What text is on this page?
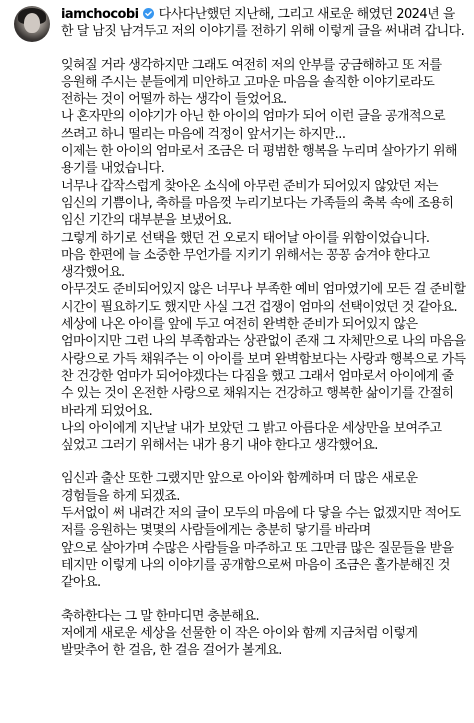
iamchocobi 다사다난했던 지난해, 그리고 새로운 해였던 2024년 을 한 달 남짓 남겨두고 저의 이야기를 전하기 위해 이렇게 글을 써내려 갑니다.

잊혀질 거라 생각하지만 그래도 여전히 저의 안부를 궁금해하고 또 저를 응원해 주시는 분들에게 미안하고 고마운 마음을 솔직한 이야기로라도 전하는 것이 어떨까 하는 생각이 들었어요.

나 혼자만의 이야기가 아닌 한 아이의 엄마가 되어 이런 글을 공개적으로 쓰려고 하니 떨리는 마음에 걱정이 앞서기는 하지만...

이제는 한 아이의 엄마로서 조금은 더 평범한 행복을 누리며 살아가기 위해 용기를 내었습니다.

너무나 갑작스럽게 찾아온 소식에 아무런 준비가 되어있지 않았던 저는 임신의 기쁨이나, 축하를 마음껏 누리기보다는 가족들의 축복 속에 조용히 임신 기간의 대부분을 보냈어요.

그렇게 하기로 선택을 했던 건 오로지 태어날 아이를 위함이었습니다.

마음 한편에 늘 소중한 무언가를 지키기 위해서는 꽁꽁 숨겨야 한다고 생각했어요.

아무것도 준비되어있지 않은 너무나 부족한 예비 엄마였기에 모든 걸 준비할 시간이 필요하기도 했지만 사실 그건 겁쟁이 엄마의 선택이었던 것 같아요.

세상에 나온 아이를 앞에 두고 여전히 완벽한 준비가 되어있지 않은 엄마이지만 그런 나의 부족함과는 상관없이 존재 그 자체만으로 나의 마음을 사랑으로 가득 채워주는 이 아이를 보며 완벽함보다는 사랑과 행복으로 가득 찬 건강한 엄마가 되어야겠다는 다짐을 했고 그래서 엄마로서 아이에게 줄 수 있는 것이 온전한 사랑으로 채워지는 건강하고 행복한 삶이기를 간절히 바라게 되었어요.

나의 아이에게 지난날 내가 보았던 그 밝고 아름다운 세상만을 보여주고 싶었고 그러기 위해서는 내가 용기 내야 한다고 생각했어요.

임신과 출산 또한 그랬지만 앞으로 아이와 함께하며 더 많은 새로운 경험들을 하게 되겠죠.

두서없이 써 내려간 저의 글이 모두의 마음에 다 닿을 수는 없겠지만 적어도 저를 응원하는 몇몇의 사람들에게는 충분히 닿기를 바라며

앞으로 살아가며 수많은 사람들을 마주하고 또 그만큼 많은 질문들을 받을 테지만 이렇게 나의 이야기를 공개함으로써 마음이 조금은 홀가분해진 것 같아요.

축하한다는 그 말 한마디면 충분해요.

저에게 새로운 세상을 선물한 이 작은 아이와 함께 지금처럼 이렇게 발맞추어 한 걸음, 한 걸음 걸어가 볼게요.
